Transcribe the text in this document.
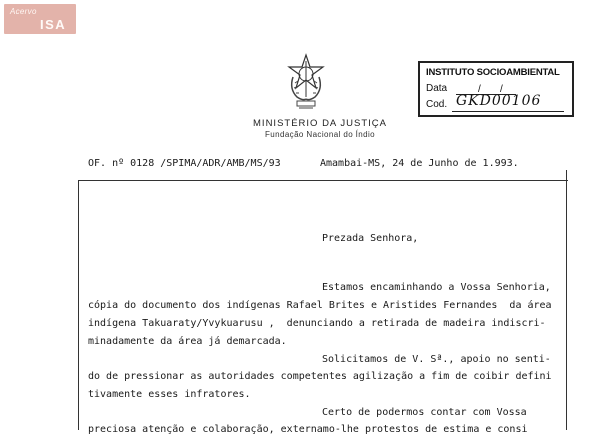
Acervo
ISA
MINISTÉRIO DA JUSTIÇA
Fundação Nacional do Índio
INSTITUTO SOCIOAMBIENTAL
Data	/ /
Cod. GKD00106
OF. nº 0128 /SPIMA/ADR/AMB/MS/93	Amambai-MS, 24 de Junho de 1.993.
Prezada Senhora,
Estamos encaminhando a Vossa Senhoria,
cópia do documento dos indígenas Rafael Brites e Aristides Fernandes  da área
indígena Takuaraty/Yvykuarusu ,  denunciando a retirada de madeira indiscri-
minadamente da área já demarcada.
Solicitamos de V. Sª., apoio no senti-
do de pressionar as autoridades competentes agilização a fim de coibir defini
tivamente esses infratores.
Certo de podermos contar com Vossa
preciosa atenção e colaboração, externamo-lhe protestos de estima e consi
